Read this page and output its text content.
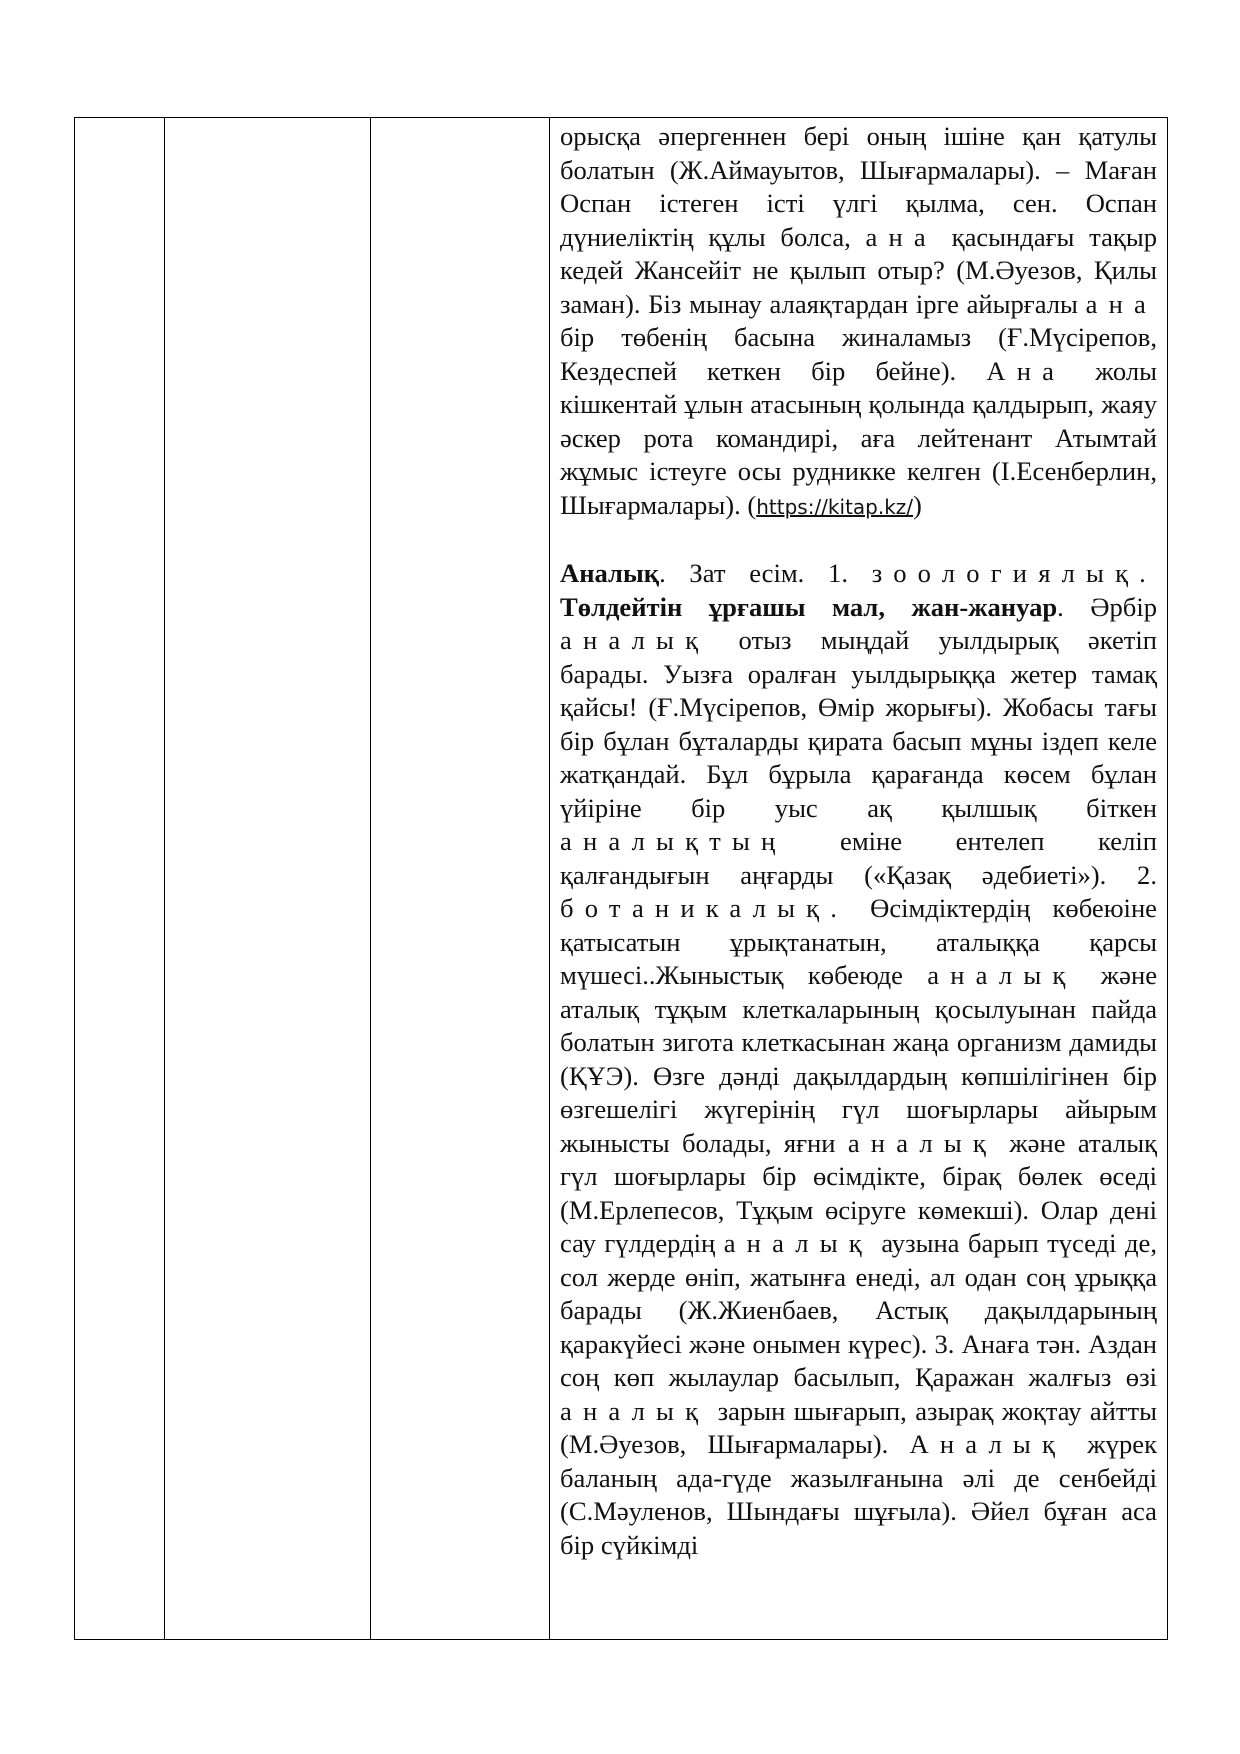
орысқа әпергеннен бері оның ішіне қан қатулы болатын (Ж.Аймауытов, Шығармалары). – Маған Оспан істеген істі үлгі қылма, сен. Оспан дүниеліктің құлы болса, ана қасындағы тақыр кедей Жансейіт не қылып отыр? (М.Әуезов, Қилы заман). Біз мынау алаяқтардан ірге айырғалы ана бір төбенің басына жиналамыз (Ғ.Мүсірепов, Кездеспей кеткен бір бейне). Ана жолы кішкентай ұлын атасының қолында қалдырып, жаяу әскер рота командирі, аға лейтенант Атымтай жұмыс істеуге осы рудникке келген (І.Есенберлин, Шығармалары). (https://kitap.kz/)

Аналық. Зат есім. 1. зоологиялық. Төлдейтін ұрғашы мал, жан-жануар. Әрбір аналық отыз мыңдай уылдырық әкетіп барады. Уызға оралған уылдырыққа жетер тамақ қайсы! (Ғ.Мүсірепов, Өмір жорығы). Жобасы тағы бір бұлан бұталарды қирата басып мұны іздеп келе жатқандай. Бұл бұрыла қарағанда көсем бұлан үйіріне бір уыс ақ қылшық біткен аналықтың еміне ентелеп келіп қалғандығын аңғарды («Қазақ әдебиеті»). 2. ботаникалық. Өсімдіктердің көбеюіне қатысатын ұрықтанатын, аталыққа қарсы мүшесі..Жыныстық көбеюде аналық және аталық тұқым клеткаларының қосылуынан пайда болатын зигота клеткасынан жаңа организм дамиды (ҚҰЭ). Өзге дәнді дақылдардың көпшілігінен бір өзгешелігі жүгерінің гүл шоғырлары айырым жынысты болады, яғни аналық және аталық гүл шоғырлары бір өсімдікте, бірақ бөлек өседі (М.Ерлепесов, Тұқым өсіруге көмекші). Олар дені сау гүлдердің аналық аузына барып түседі де, сол жерде өніп, жатынға енеді, ал одан соң ұрыққа барады (Ж.Жиенбаев, Астық дақылдарының қаракүйесі және онымен күрес). 3. Анаға тән. Аздан соң көп жылаулар басылып, Қаражан жалғыз өзі аналық зарын шығарып, азырақ жоқтау айтты (М.Әуезов, Шығармалары). Аналық жүрек баланың ада-гүде жазылғанына әлі де сенбейді (С.Мәуленов, Шындағы шұғыла). Әйел бұған аса бір сүйкімді
